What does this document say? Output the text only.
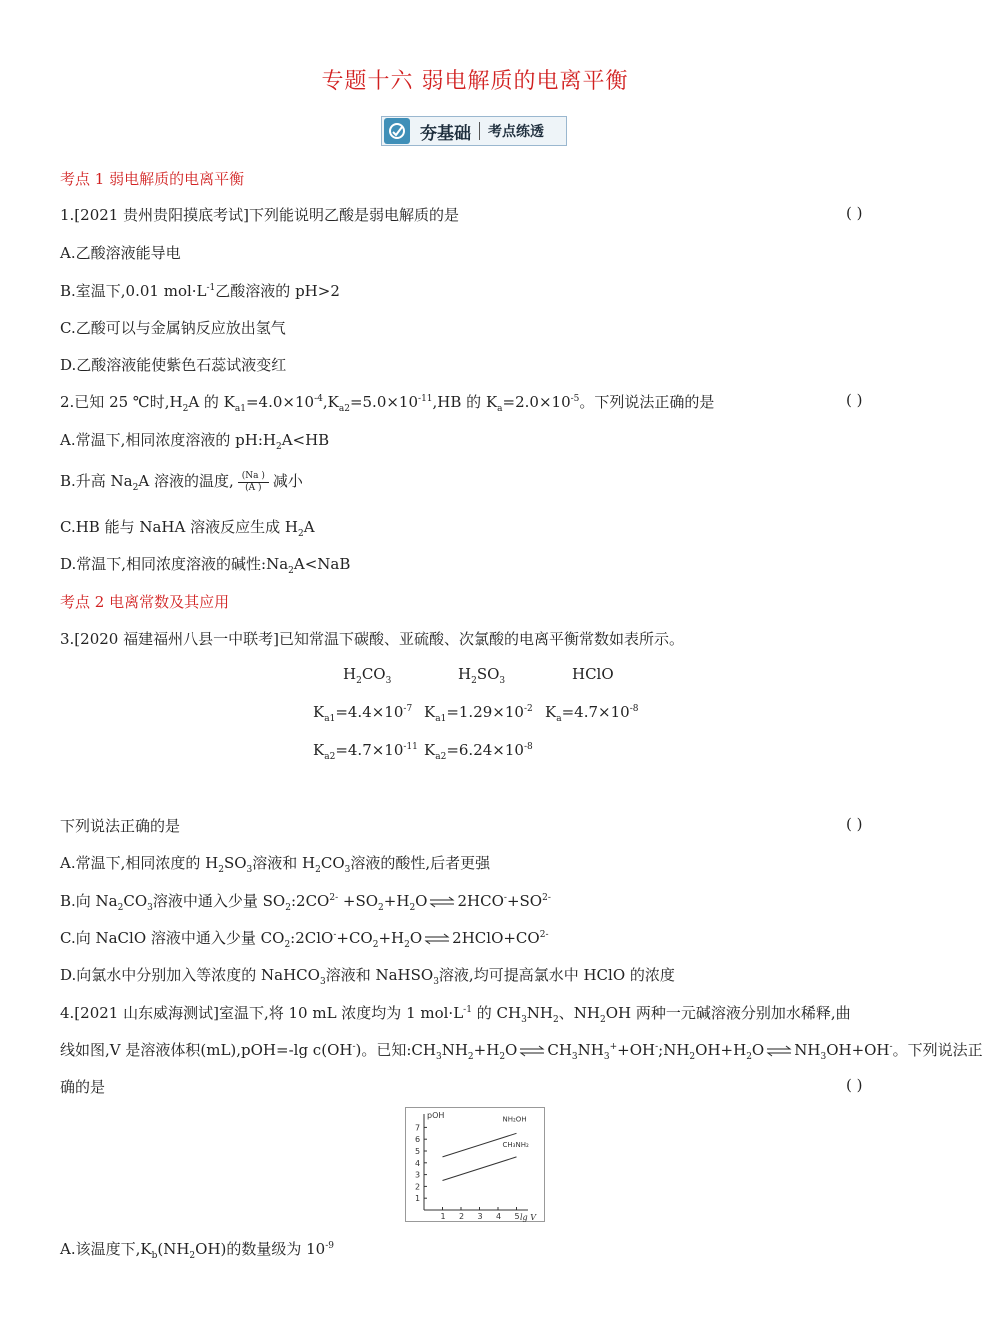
专题十六 弱电解质的电离平衡
夯基础 考点练透
考点 1 弱电解质的电离平衡
1.[2021 贵州贵阳摸底考试]下列能说明乙酸是弱电解质的是	( )
A.乙酸溶液能导电
B.室温下,0.01 $mol\cdot L^{-1}$乙酸溶液的 pH>2
C.乙酸可以与金属钠反应放出氢气
D.乙酸溶液能使紫色石蕊试液变红
2.已知 25 ℃时$,H_2A$ 的 $K_{a1}=4.0\times 10^{-4},K_{a2}=5.0\times 10^{-11},HB$ 的 $K_a=2.0\times 10^{-5}$。下列说法正确的是	( )
A.常温下,相同浓度溶液的 $pH:H_2A<HB$
B.升高 $Na_2A$ 溶液的温度, $\frac{(Na )}{(A )}$ 减小
C.HB 能与 NaHA 溶液反应生成 $H_2A$
D.常温下,相同浓度溶液的碱性$:Na_2A<NaB$
考点 2 电离常数及其应用
3.[2020 福建福州八县一中联考]已知常温下碳酸、亚硫酸、次氯酸的电离平衡常数如表所示。
$H_2CO_3$	$H_2SO_3$	HClO
$K_{a1}=4.4\times 10^{-7}$ $K_{a1}=1.29\times 10^{-2}$ $K_a=4.7\times 10^{-8}$
$K_{a2}=4.7\times 10^{-11}$ $K_{a2}=6.24\times 10^{-8}$
下列说法正确的是	( )
A.常温下,相同浓度的 $H_2SO_3$溶液和 $H_2CO_3$溶液的酸性,后者更强
B.向 $Na_2CO_3$溶液中通入少量 $SO_2:2CO^{2-} +SO_2+H_2O$ ⇌ $2HCO^-+SO^{2-}$
C.向 NaClO 溶液中通入少量 $CO_2:2ClO^-+CO_2+H_2O$ ⇌ $2HClO+CO^{2-}$
D.向氯水中分别加入等浓度的 NaHCO$_3$溶液和 NaHSO$_3$溶液,均可提高氯水中 HClO 的浓度
4.[2021 山东威海测试]室温下,将 10 mL 浓度均为 1 $mol\cdot L^{-1}$ 的 $CH_3NH_2$、$NH_2OH$ 两种一元碱溶液分别加水稀释,曲
线如图,V 是溶液体积(mL),pOH=-lg c(OH-)。已知$:CH_3NH_2+H_2O$ ⇌ $CH_3NH_3^++OH^-;NH_2OH+H_2O$ ⇌ $NH_3OH+OH^-$。下列说法正
确的是	( )
1
2
3
4
5
6
7
1 2 3 4 5
pOH
lg V
NH₂OH
CH₃NH₂
A.该温度下$,K_b(NH_2OH)$的数量级为 $10^{-9}$
